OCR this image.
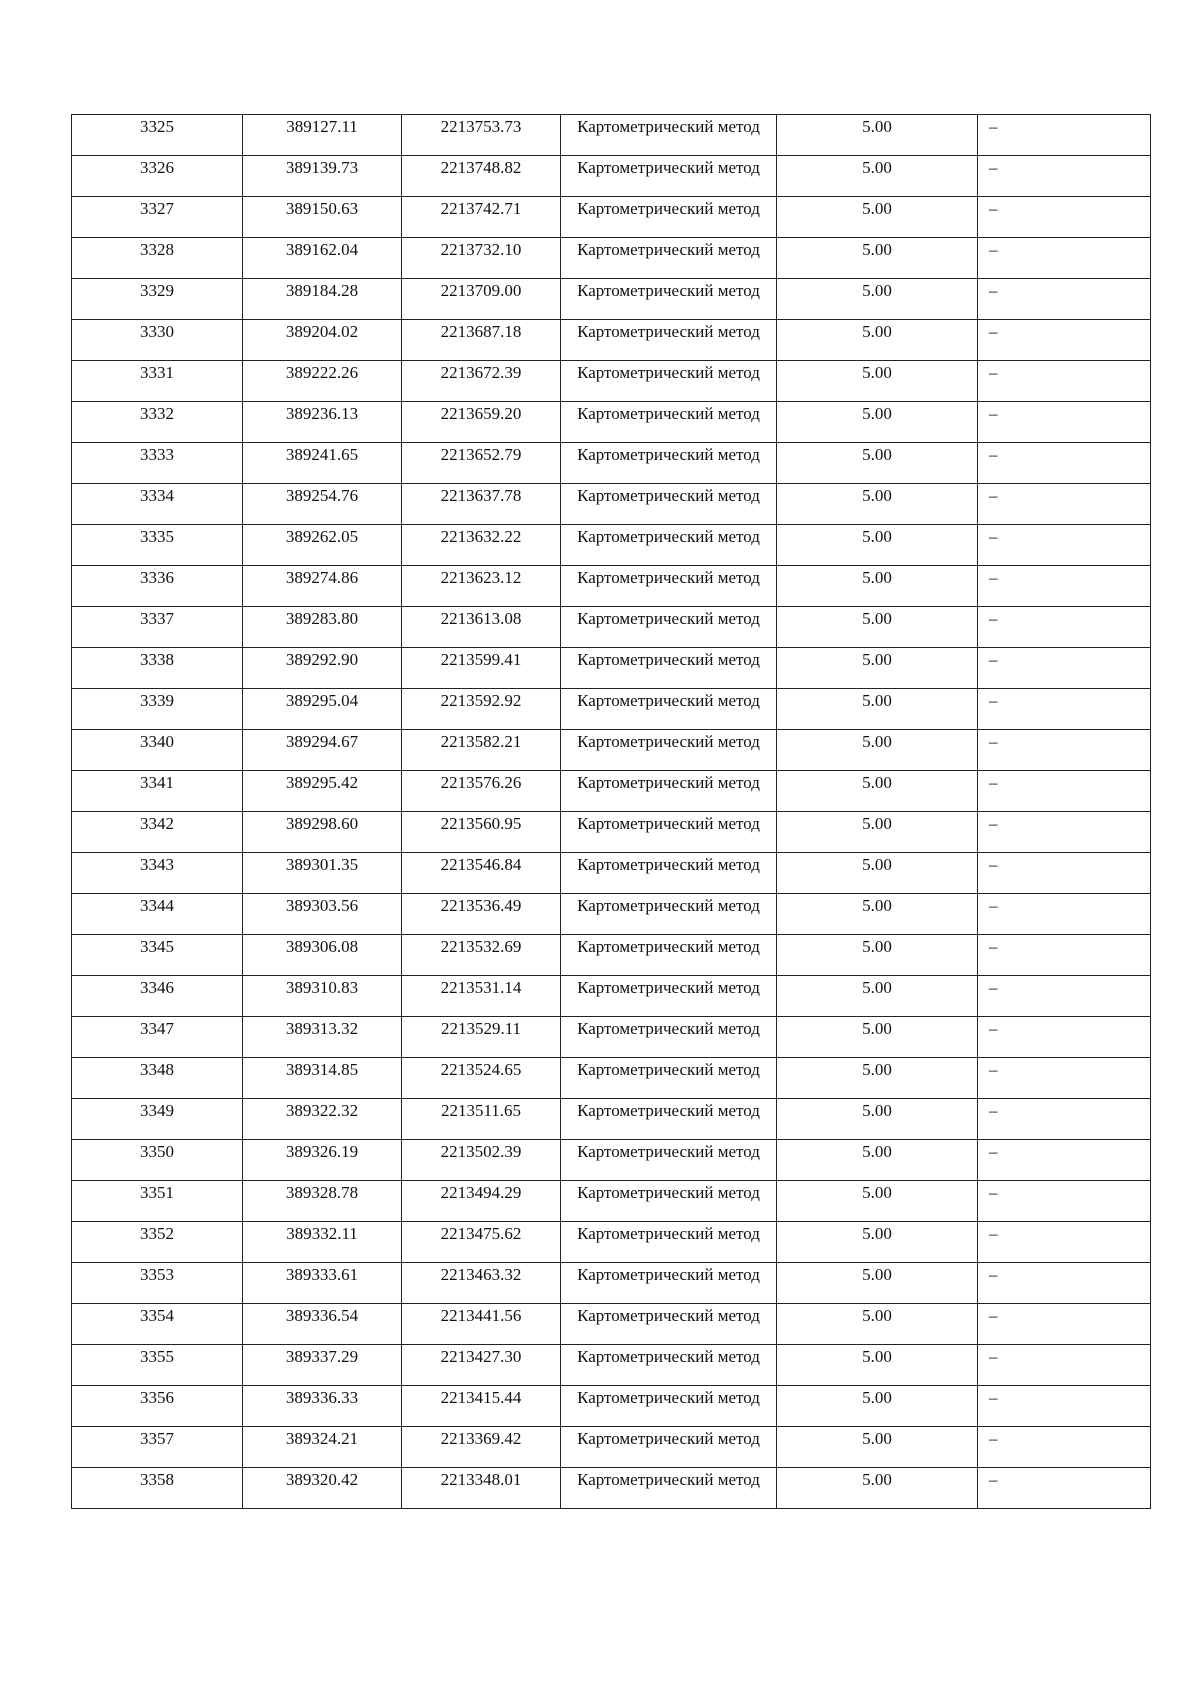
3325	389127.11	2213753.73	Картометрический метод	5.00	–
3326	389139.73	2213748.82	Картометрический метод	5.00	–
3327	389150.63	2213742.71	Картометрический метод	5.00	–
3328	389162.04	2213732.10	Картометрический метод	5.00	–
3329	389184.28	2213709.00	Картометрический метод	5.00	–
3330	389204.02	2213687.18	Картометрический метод	5.00	–
3331	389222.26	2213672.39	Картометрический метод	5.00	–
3332	389236.13	2213659.20	Картометрический метод	5.00	–
3333	389241.65	2213652.79	Картометрический метод	5.00	–
3334	389254.76	2213637.78	Картометрический метод	5.00	–
3335	389262.05	2213632.22	Картометрический метод	5.00	–
3336	389274.86	2213623.12	Картометрический метод	5.00	–
3337	389283.80	2213613.08	Картометрический метод	5.00	–
3338	389292.90	2213599.41	Картометрический метод	5.00	–
3339	389295.04	2213592.92	Картометрический метод	5.00	–
3340	389294.67	2213582.21	Картометрический метод	5.00	–
3341	389295.42	2213576.26	Картометрический метод	5.00	–
3342	389298.60	2213560.95	Картометрический метод	5.00	–
3343	389301.35	2213546.84	Картометрический метод	5.00	–
3344	389303.56	2213536.49	Картометрический метод	5.00	–
3345	389306.08	2213532.69	Картометрический метод	5.00	–
3346	389310.83	2213531.14	Картометрический метод	5.00	–
3347	389313.32	2213529.11	Картометрический метод	5.00	–
3348	389314.85	2213524.65	Картометрический метод	5.00	–
3349	389322.32	2213511.65	Картометрический метод	5.00	–
3350	389326.19	2213502.39	Картометрический метод	5.00	–
3351	389328.78	2213494.29	Картометрический метод	5.00	–
3352	389332.11	2213475.62	Картометрический метод	5.00	–
3353	389333.61	2213463.32	Картометрический метод	5.00	–
3354	389336.54	2213441.56	Картометрический метод	5.00	–
3355	389337.29	2213427.30	Картометрический метод	5.00	–
3356	389336.33	2213415.44	Картометрический метод	5.00	–
3357	389324.21	2213369.42	Картометрический метод	5.00	–
3358	389320.42	2213348.01	Картометрический метод	5.00	–
